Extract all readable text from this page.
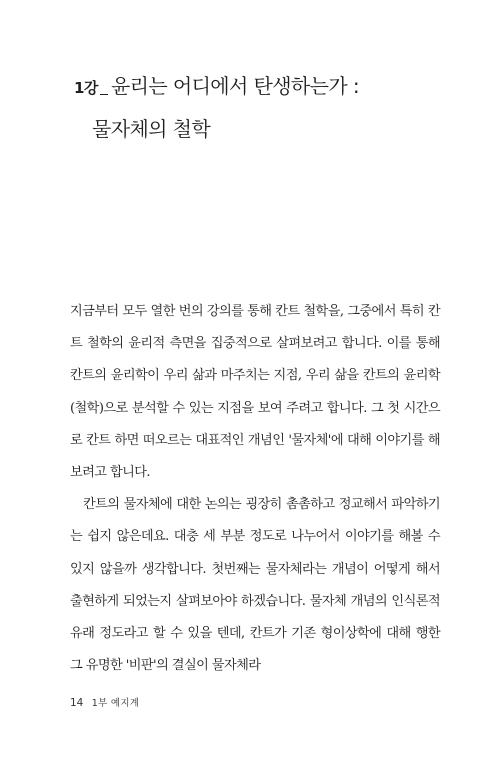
1강 윤리는 어디에서 탄생하는가 :
물자체의 철학

지금부터 모두 열한 번의 강의를 통해 칸트 철학을, 그중에서 특히 칸트 철학의 윤리적 측면을 집중적으로 살펴보려고 합니다. 이를 통해 칸트의 윤리학이 우리 삶과 마주치는 지점, 우리 삶을 칸트의 윤리학(철학)으로 분석할 수 있는 지점을 보여 주려고 합니다. 그 첫 시간으로 칸트 하면 떠오르는 대표적인 개념인 '물자체'에 대해 이야기를 해보려고 합니다.

칸트의 물자체에 대한 논의는 굉장히 촘촘하고 정교해서 파악하기는 쉽지 않은데요. 대충 세 부분 정도로 나누어서 이야기를 해볼 수 있지 않을까 생각합니다. 첫번째는 물자체라는 개념이 어떻게 해서 출현하게 되었는지 살펴보아야 하겠습니다. 물자체 개념의 인식론적 유래 정도라고 할 수 있을 텐데, 칸트가 기존 형이상학에 대해 행한 그 유명한 '비판'의 결실이 물자체라

14 1부 예지계
